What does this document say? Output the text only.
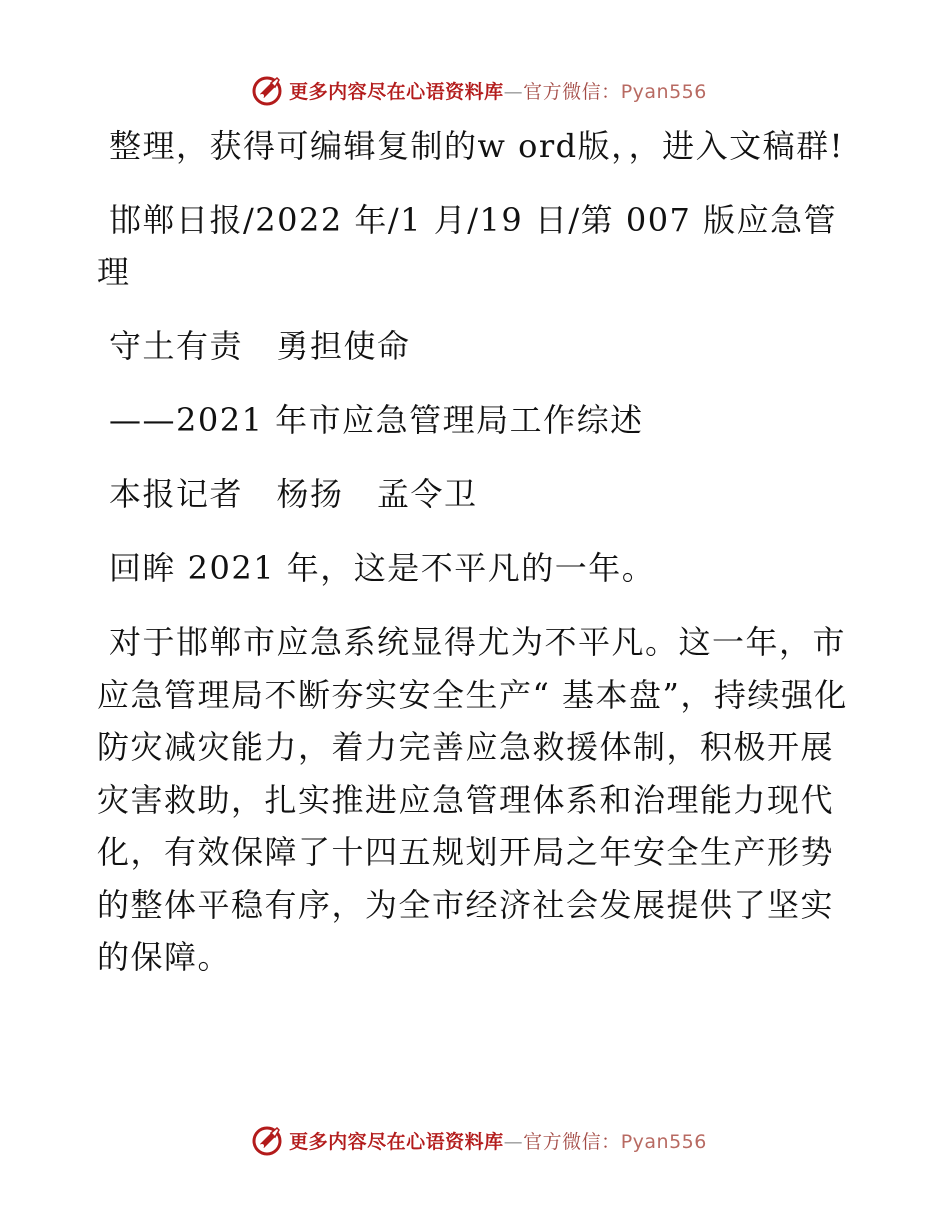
更多内容尽在心语资料库—官方微信：Pyan556

整理，获得可编辑复制的w ord版，，进入文稿群!

邯郸日报/2022 年/1 月/19 日/第 007 版应急管理

守土有责　勇担使命

——2021 年市应急管理局工作综述

本报记者　杨扬　孟令卫

回眸 2021 年，这是不平凡的一年。

对于邯郸市应急系统显得尤为不平凡。这一年，市应急管理局不断夯实安全生产“ 基本盘”，持续强化防灾减灾能力，着力完善应急救援体制，积极开展灾害救助，扎实推进应急管理体系和治理能力现代化，有效保障了十四五规划开局之年安全生产形势的整体平稳有序，为全市经济社会发展提供了坚实的保障。

更多内容尽在心语资料库—官方微信：Pyan556
